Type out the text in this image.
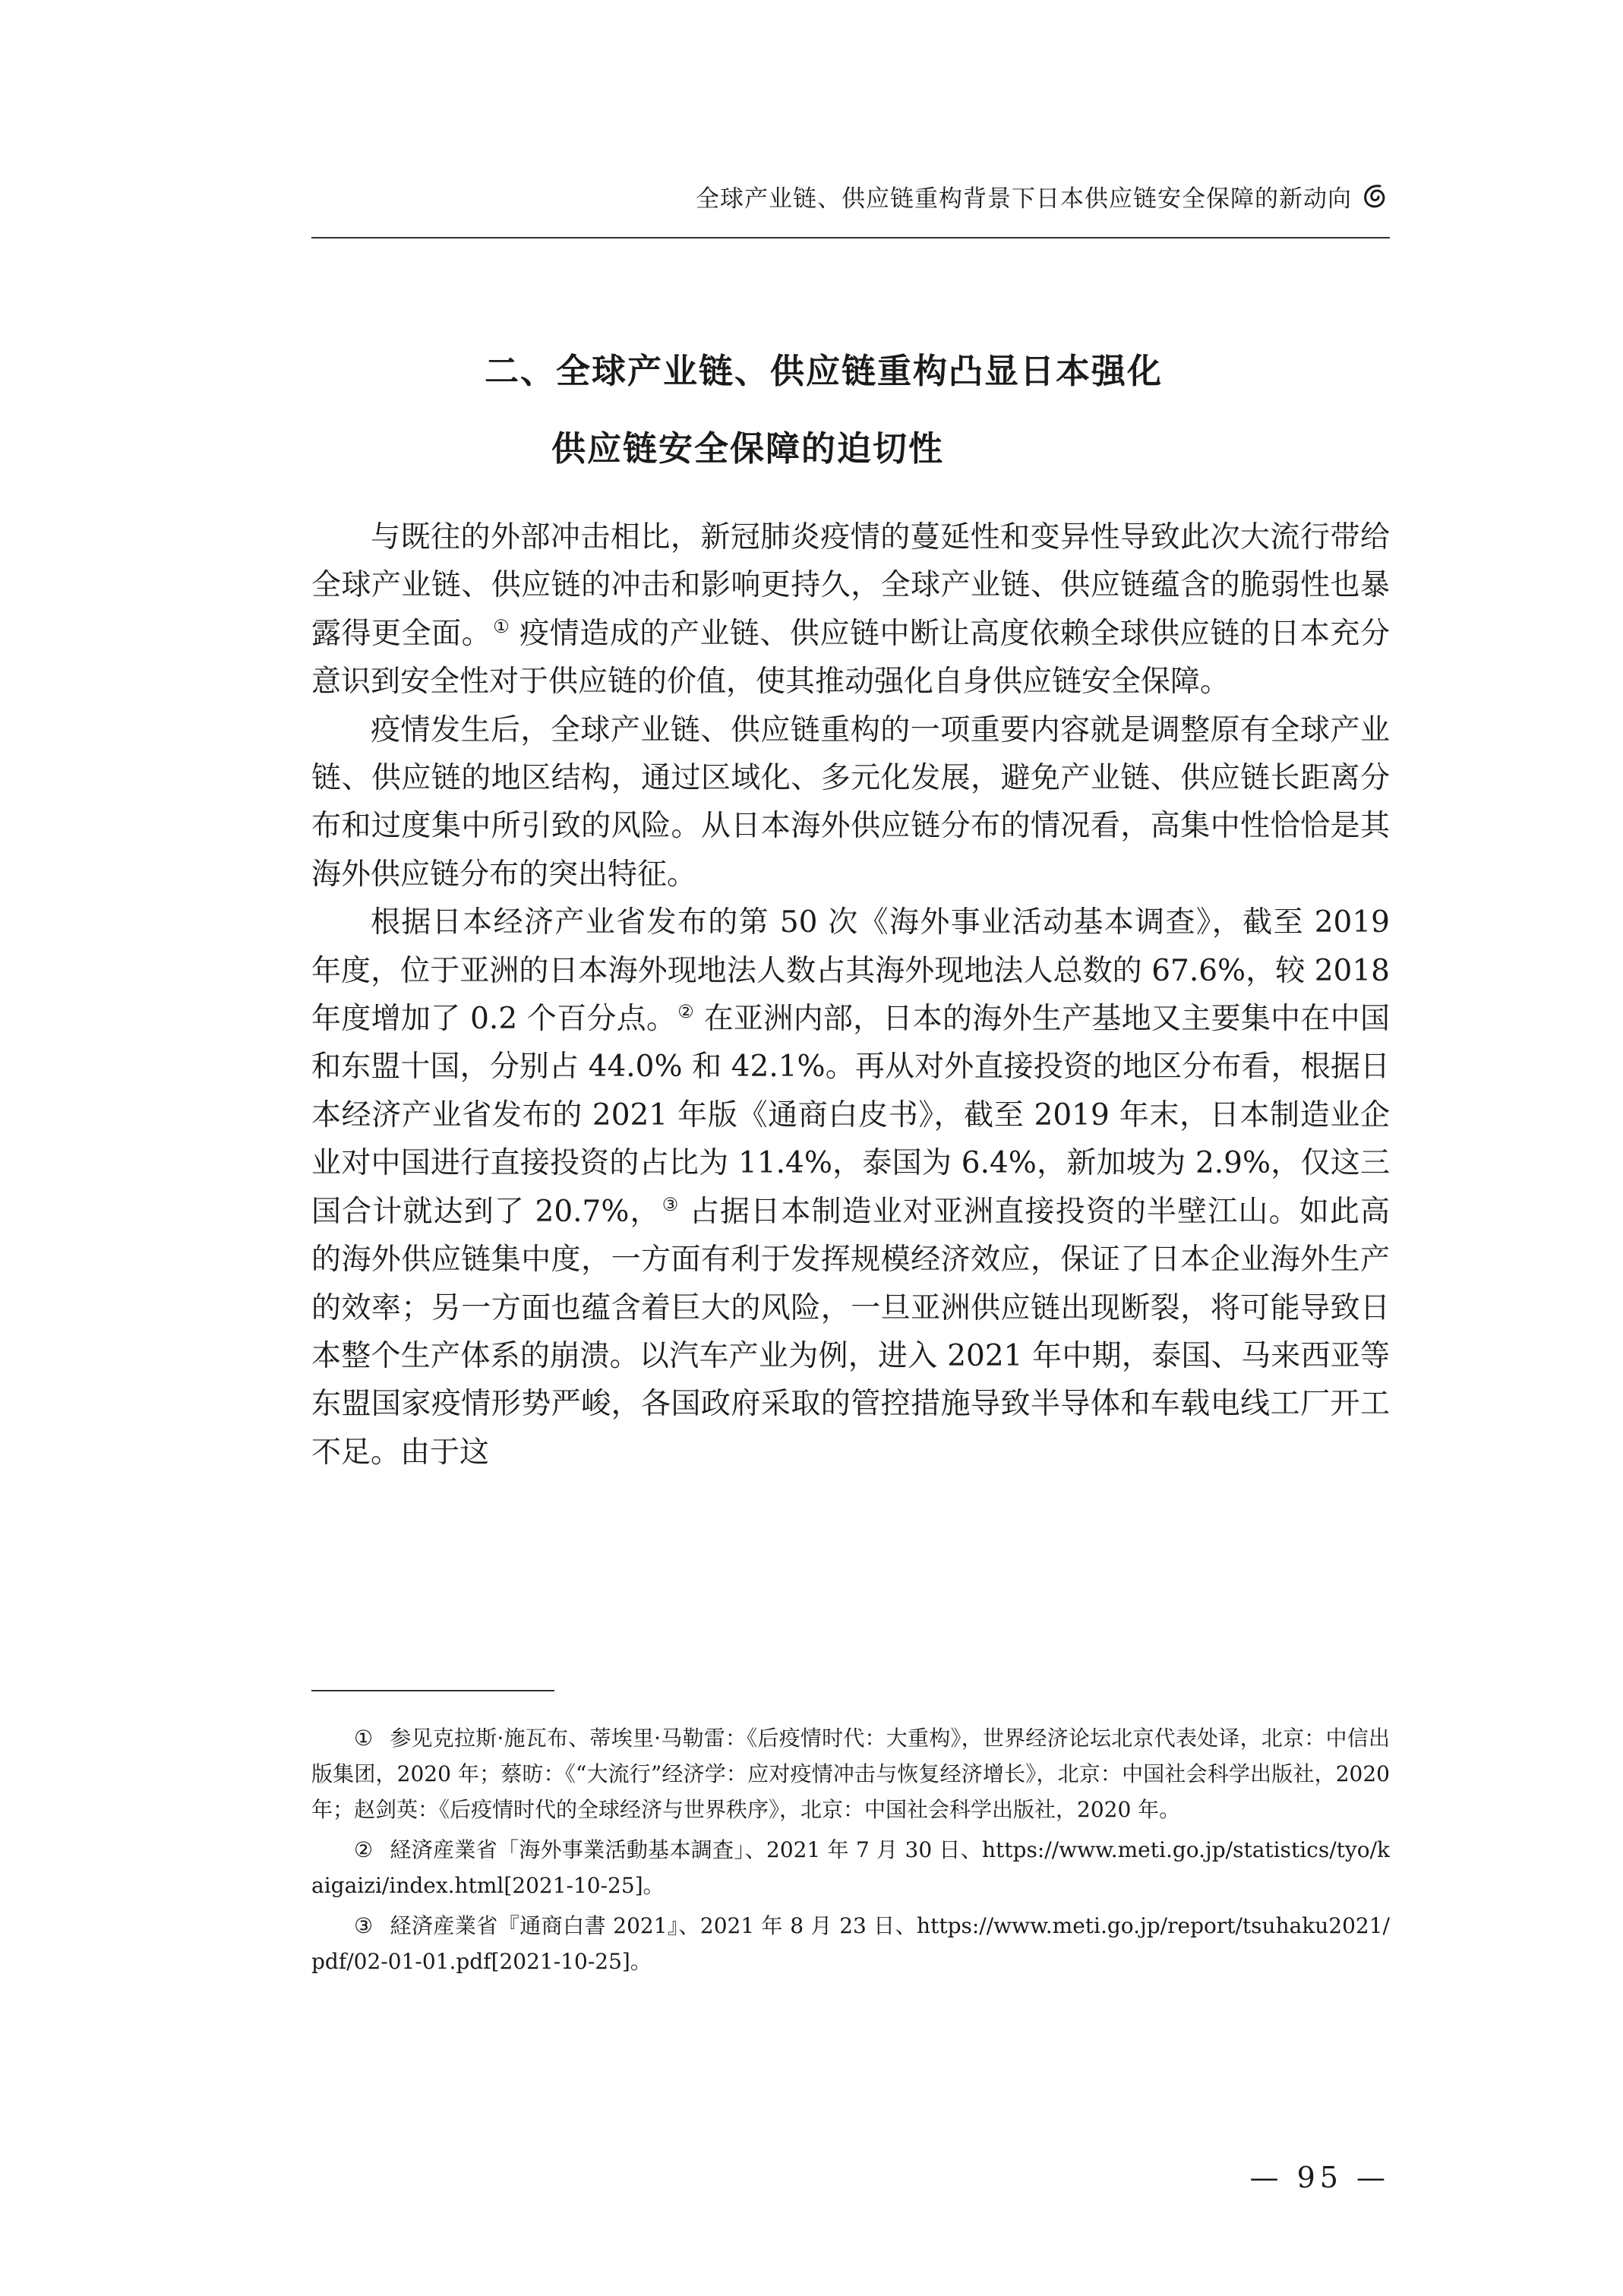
全球产业链、供应链重构背景下日本供应链安全保障的新动向
二、全球产业链、供应链重构凸显日本强化
供应链安全保障的迫切性

与既往的外部冲击相比，新冠肺炎疫情的蔓延性和变异性导致此次大流行带给全球产业链、供应链的冲击和影响更持久，全球产业链、供应链蕴含的脆弱性也暴露得更全面。① 疫情造成的产业链、供应链中断让高度依赖全球供应链的日本充分意识到安全性对于供应链的价值，使其推动强化自身供应链安全保障。

疫情发生后，全球产业链、供应链重构的一项重要内容就是调整原有全球产业链、供应链的地区结构，通过区域化、多元化发展，避免产业链、供应链长距离分布和过度集中所引致的风险。从日本海外供应链分布的情况看，高集中性恰恰是其海外供应链分布的突出特征。

根据日本经济产业省发布的第 50 次《海外事业活动基本调查》，截至 2019 年度，位于亚洲的日本海外现地法人数占其海外现地法人总数的 67.6%，较 2018 年度增加了 0.2 个百分点。② 在亚洲内部，日本的海外生产基地又主要集中在中国和东盟十国，分别占 44.0% 和 42.1%。再从对外直接投资的地区分布看，根据日本经济产业省发布的 2021 年版《通商白皮书》，截至 2019 年末，日本制造业企业对中国进行直接投资的占比为 11.4%，泰国为 6.4%，新加坡为 2.9%，仅这三国合计就达到了 20.7%，③ 占据日本制造业对亚洲直接投资的半壁江山。如此高的海外供应链集中度，一方面有利于发挥规模经济效应，保证了日本企业海外生产的效率；另一方面也蕴含着巨大的风险，一旦亚洲供应链出现断裂，将可能导致日本整个生产体系的崩溃。以汽车产业为例，进入 2021 年中期，泰国、马来西亚等东盟国家疫情形势严峻，各国政府采取的管控措施导致半导体和车载电线工厂开工不足。由于这

① 参见克拉斯·施瓦布、蒂埃里·马勒雷：《后疫情时代：大重构》，世界经济论坛北京代表处译，北京：中信出版集团，2020 年；蔡昉：《“大流行”经济学：应对疫情冲击与恢复经济增长》，北京：中国社会科学出版社，2020 年；赵剑英：《后疫情时代的全球经济与世界秩序》，北京：中国社会科学出版社，2020 年。

② 経済産業省「海外事業活動基本調査」、2021 年 7 月 30 日、https://www.meti.go.jp/statistics/tyo/kaigaizi/index.html[2021-10-25]。

③ 経済産業省『通商白書 2021』、2021 年 8 月 23 日、https://www.meti.go.jp/report/tsuhaku2021/pdf/02-01-01.pdf[2021-10-25]。

— 95 —
